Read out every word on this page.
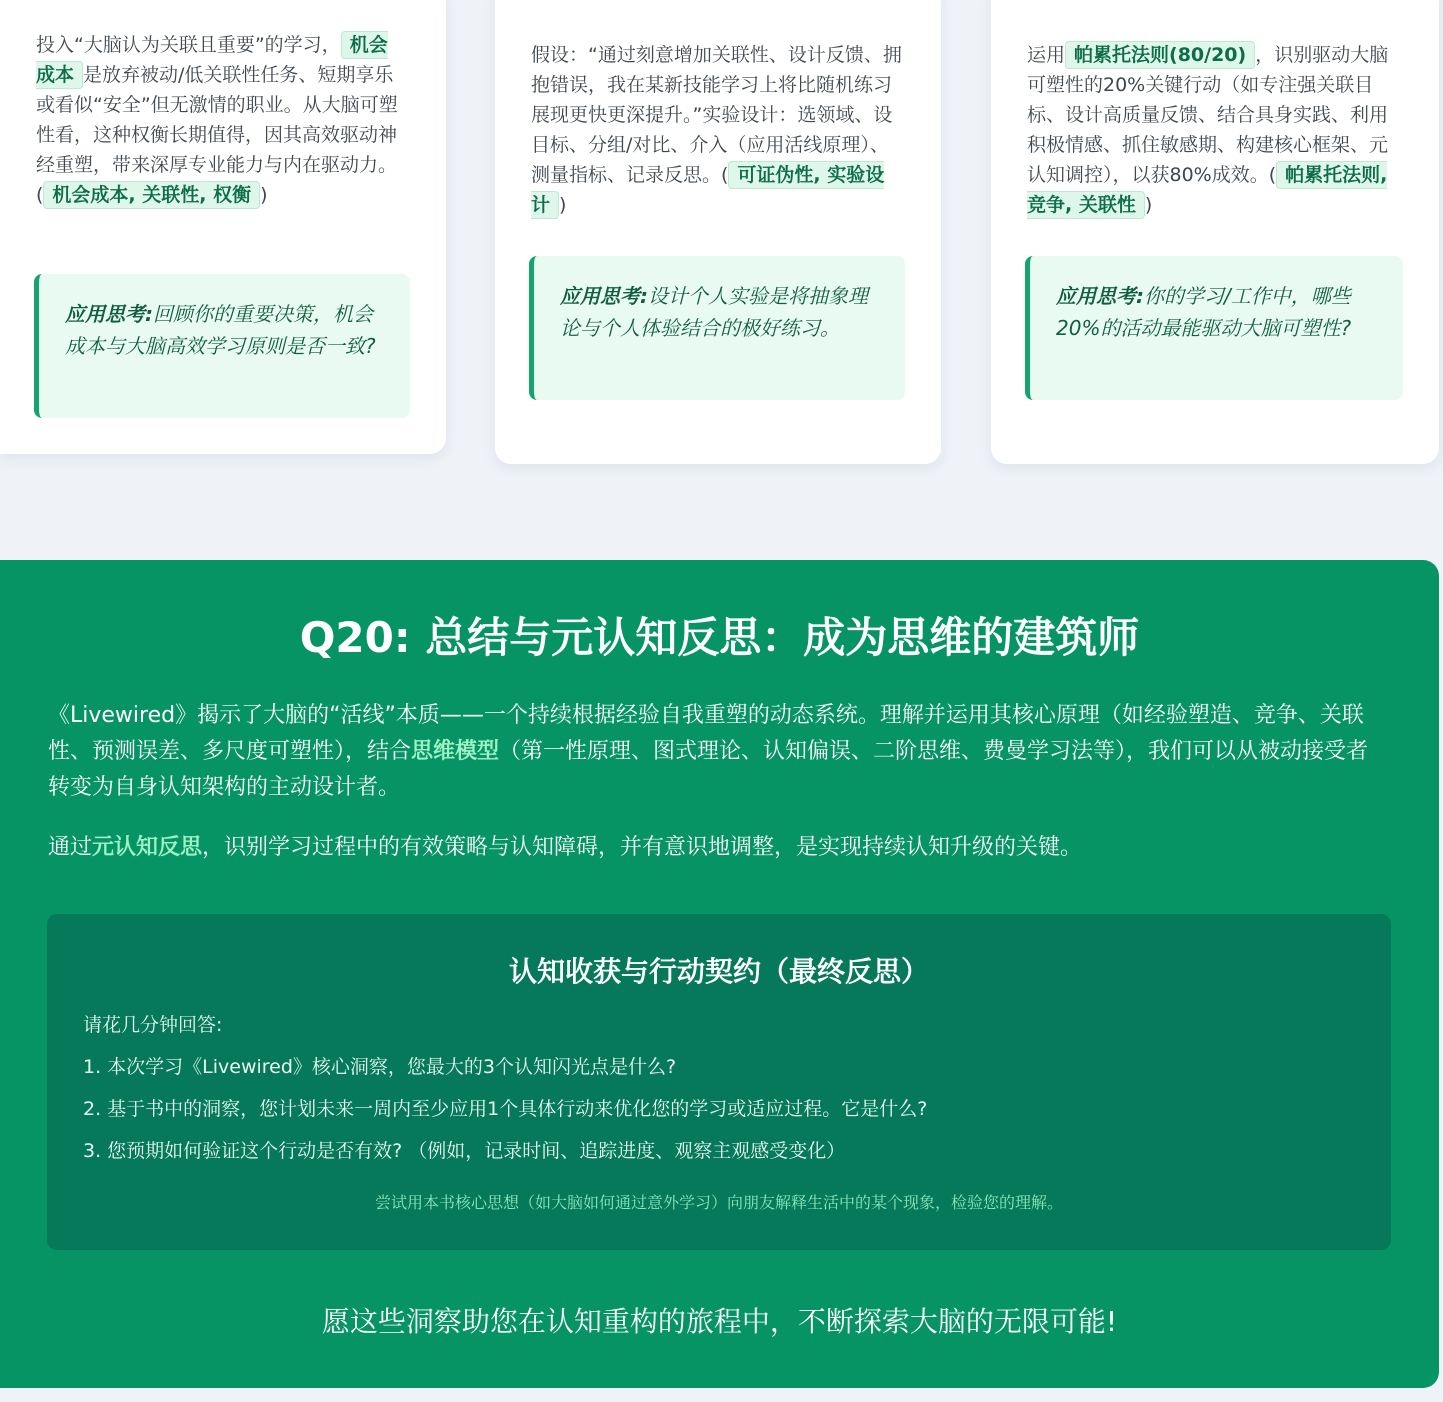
投入“大脑认为关联且重要”的学习， 机会成本 是放弃被动/低关联性任务、短期享乐或看似“安全”但无激情的职业。从大脑可塑性看，这种权衡长期值得，因其高效驱动神经重塑，带来深厚专业能力与内在驱动力。( 机会成本, 关联性, 权衡 )
应用思考:回顾你的重要决策，机会成本与大脑高效学习原则是否一致?
假设：“通过刻意增加关联性、设计反馈、拥抱错误，我在某新技能学习上将比随机练习展现更快更深提升。”实验设计：选领域、设目标、分组/对比、介入（应用活线原理）、测量指标、记录反思。( 可证伪性, 实验设计 )
应用思考:设计个人实验是将抽象理论与个人体验结合的极好练习。
运用 帕累托法则(80/20) ，识别驱动大脑可塑性的20%关键行动（如专注强关联目标、设计高质量反馈、结合具身实践、利用积极情感、抓住敏感期、构建核心框架、元认知调控），以获80%成效。( 帕累托法则, 竞争, 关联性 )
应用思考:你的学习/工作中，哪些20%的活动最能驱动大脑可塑性?
Q20: 总结与元认知反思：成为思维的建筑师

《Livewired》揭示了大脑的“活线”本质——一个持续根据经验自我重塑的动态系统。理解并运用其核心原理（如经验塑造、竞争、关联性、预测误差、多尺度可塑性），结合思维模型（第一性原理、图式理论、认知偏误、二阶思维、费曼学习法等），我们可以从被动接受者转变为自身认知架构的主动设计者。

通过元认知反思，识别学习过程中的有效策略与认知障碍，并有意识地调整，是实现持续认知升级的关键。

认知收获与行动契约（最终反思）
请花几分钟回答:
1. 本次学习《Livewired》核心洞察，您最大的3个认知闪光点是什么?
2. 基于书中的洞察，您计划未来一周内至少应用1个具体行动来优化您的学习或适应过程。它是什么?
3. 您预期如何验证这个行动是否有效? （例如，记录时间、追踪进度、观察主观感受变化）
尝试用本书核心思想（如大脑如何通过意外学习）向朋友解释生活中的某个现象，检验您的理解。
愿这些洞察助您在认知重构的旅程中，不断探索大脑的无限可能!
